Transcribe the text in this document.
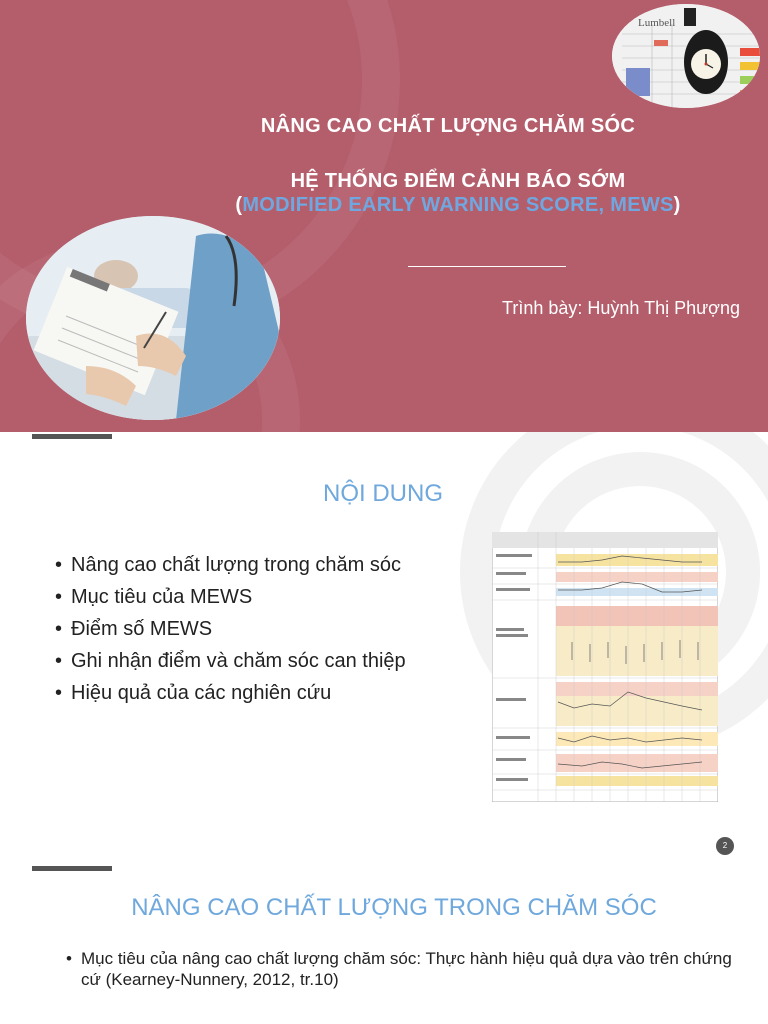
Lumbell
NÂNG CAO CHẤT LƯỢNG CHĂM SÓC
HỆ THỐNG ĐIỂM CẢNH BÁO SỚM
(MODIFIED EARLY WARNING SCORE, MEWS)
Trình bày: Huỳnh Thị Phượng
NỘI DUNG
• Nâng cao chất lượng trong chăm sóc
• Mục tiêu của MEWS
• Điểm số MEWS
• Ghi nhận điểm và chăm sóc can thiệp
• Hiệu quả của các nghiên cứu
2
NÂNG CAO CHẤT LƯỢNG TRONG CHĂM SÓC
• Mục tiêu của nâng cao chất lượng chăm sóc: Thực hành hiệu quả dựa vào trên chứng cứ (Kearney-Nunnery, 2012, tr.10)
